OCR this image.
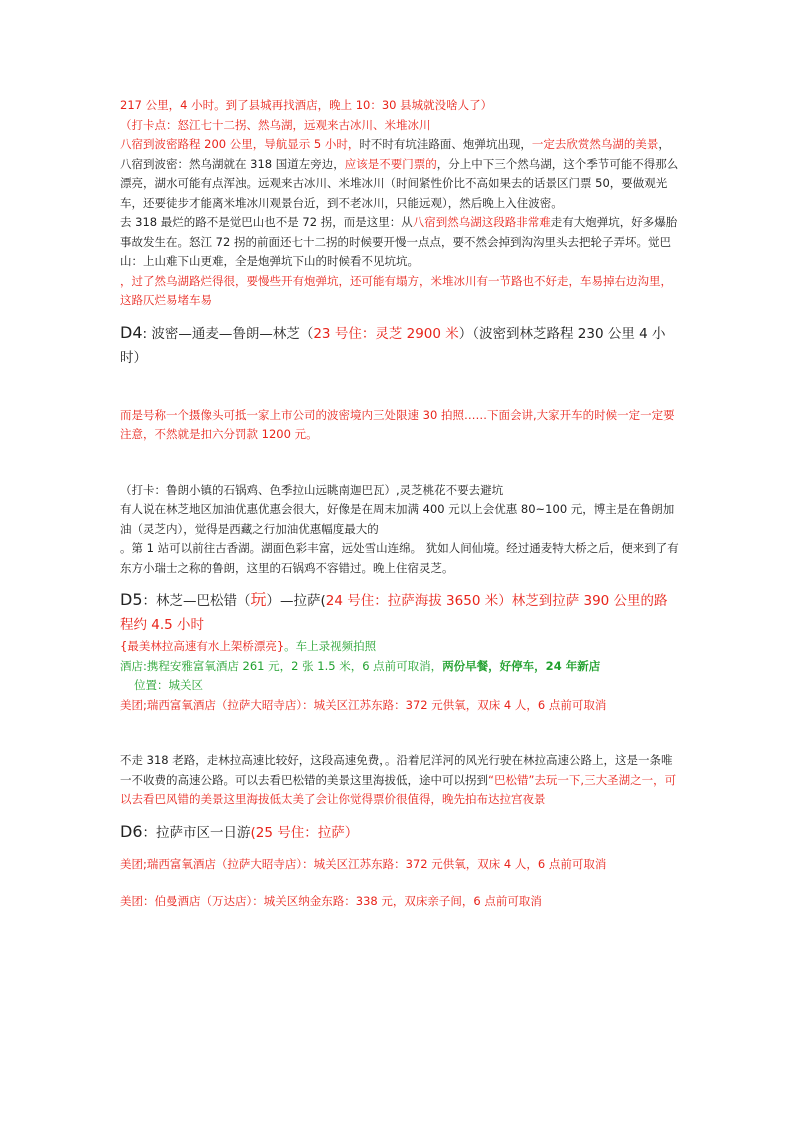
217 公里，4 小时。到了县城再找酒店，晚上 10：30 县城就没啥人了）

（打卡点：怒江七十二拐、然乌湖，远观来古冰川、米堆冰川

八宿到波密路程 200 公里，导航显示 5 小时，时不时有坑洼路面、炮弹坑出现，一定去欣赏然乌湖的美景，八宿到波密：然乌湖就在 318 国道左旁边，应该是不要门票的，分上中下三个然乌湖，这个季节可能不得那么漂亮，湖水可能有点浑浊。远观来古冰川、米堆冰川（时间紧性价比不高如果去的话景区门票 50，要做观光车，还要徒步才能离米堆冰川观景台近，到不老冰川，只能远观），然后晚上入住波密。

去 318 最烂的路不是觉巴山也不是 72 拐，而是这里：从八宿到然乌湖这段路非常难走有大炮弹坑，好多爆胎事故发生在。怒江 72 拐的前面还七十二拐的时候要开慢一点点，要不然会掉到沟沟里头去把轮子弄坏。觉巴山：上山难下山更难，全是炮弹坑下山的时候看不见坑坑。

，过了然乌湖路烂得很，要慢些开有炮弹坑，还可能有塌方，米堆冰川有一节路也不好走，车易掉右边沟里，这路仄烂易堵车易

D4: 波密—通麦—鲁朗—林芝（23 号住：灵芝 2900 米）（波密到林芝路程 230 公里 4 小时）

而是号称一个摄像头可抵一家上市公司的波密境内三处限速 30 拍照……下面会讲,大家开车的时候一定一定要注意，不然就是扣六分罚款 1200 元。

（打卡：鲁朗小镇的石锅鸡、色季拉山远眺南迦巴瓦）,灵芝桃花不要去避坑

有人说在林芝地区加油优惠优惠会很大，好像是在周末加满 400 元以上会优惠 80~100 元，博主是在鲁朗加油（灵芝内），觉得是西藏之行加油优惠幅度最大的

。第 1 站可以前往古香湖。湖面色彩丰富，远处雪山连绵。 犹如人间仙境。经过通麦特大桥之后，便来到了有东方小瑞士之称的鲁朗，这里的石锅鸡不容错过。晚上住宿灵芝。

D5：林芝—巴松错（玩）—拉萨(24 号住：拉萨海拔 3650 米）林芝到拉萨 390 公里的路程约 4.5 小时

{最美林拉高速有水上架桥漂亮}。车上录视频拍照

酒店:携程安雅富氧酒店 261 元，2 张 1.5 米，6 点前可取消，两份早餐，好停车，24 年新店
位置：城关区

美团;瑞西富氧酒店（拉萨大昭寺店）：城关区江苏东路：372 元供氧，双床 4 人，6 点前可取消

不走 318 老路，走林拉高速比较好，这段高速免费，。沿着尼洋河的风光行驶在林拉高速公路上，这是一条唯一不收费的高速公路。可以去看巴松错的美景这里海拔低，途中可以拐到“巴松错”去玩一下,三大圣湖之一，可以去看巴风错的美景这里海拔低太美了会让你觉得票价很值得，晚先拍布达拉宫夜景

D6：拉萨市区一日游(25 号住：拉萨）

美团;瑞西富氧酒店（拉萨大昭寺店）：城关区江苏东路：372 元供氧，双床 4 人，6 点前可取消

美团：伯曼酒店（万达店）：城关区纳金东路：338 元，双床亲子间，6 点前可取消
